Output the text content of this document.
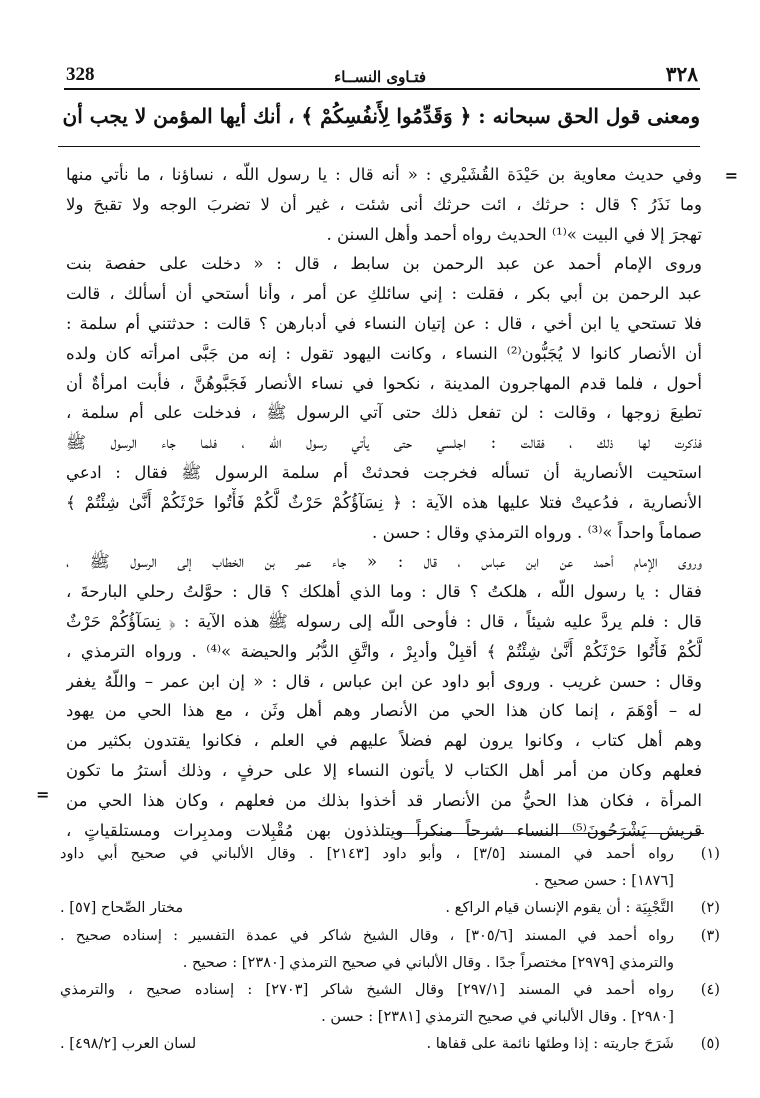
328	فتـاوى النســاء	٣٢٨
ومعنى قول الحق سبحانه : ﴿ وَقَدِّمُوا لِأَنفُسِكُمْ ﴾ ، أنك أيها المؤمن لا يجب أن
=
=
وفي حديث معاوية بن حَيْدَة القُشَيْري : « أنه قال : يا رسول اللّه ، نساؤنا ، ما نأتي منها
وما نَذَرُ ؟ قال : حرثك ، ائت حرثك أنى شئت ، غير أن لا تضربَ الوجه ولا تقبحَ ولا
تهجرَ إلا في البيت »⁽¹⁾ الحديث رواه أحمد وأهل السنن .
وروى الإمام أحمد عن عبد الرحمن بن سابط ، قال : « دخلت على حفصة بنت
عبد الرحمن بن أبي بكر ، فقلت : إني سائلكِ عن أمر ، وأنا أستحي أن أسألك ، قالت
فلا تستحي يا ابن أخي ، قال : عن إتيان النساء في أدبارهن ؟ قالت : حدثتني أم سلمة :
أن الأنصار كانوا لا يُجَبُّون⁽²⁾ النساء ، وكانت اليهود تقول : إنه من جَبَّى امرأته كان ولده
أحول ، فلما قدم المهاجرون المدينة ، نكحوا في نساء الأنصار فَجَبَّوهُنَّ ، فأبت امرأةٌ أن
تطيعَ زوجها ، وقالت : لن تفعل ذلك حتى آتي الرسول ﷺ ، فدخلت على أم سلمة ،
فذكرت لها ذلك ، فقالت : اجلسي حتى يأتي رسول اللّه ، فلما جاء الرسول ﷺ
استحيت الأنصارية أن تسأله فخرجت فحدثتْ أم سلمة الرسول ﷺ فقال : ادعي
الأنصارية ، فدُعيتْ فتلا عليها هذه الآية : ﴿ نِسَآؤُكُمْ حَرْثٌ لَّكُمْ فَأْتُوا حَرْثَكُمْ أَنَّىٰ شِئْتُمْ ﴾
صماماً واحداً »⁽³⁾ . ورواه الترمذي وقال : حسن .
وروى الإمام أحمد عن ابن عباس ، قال : « جاء عمر بن الخطاب إلى الرسول ﷺ ،
فقال : يا رسول اللّه ، هلكتُ ؟ قال : وما الذي أهلكك ؟ قال : حوَّلتُ رحلي البارحةَ ،
قال : فلم يردَّ عليه شيئاً ، قال : فأوحى اللّه إلى رسوله ﷺ هذه الآية : ﴿ نِسَآؤُكُمْ حَرْثٌ
لَّكُمْ فَأْتُوا حَرْثَكُمْ أَنَّىٰ شِئْتُمْ ﴾ أقبِلْ وأدبِرْ ، واتَّقِ الدُّبُر والحيضة »⁽⁴⁾ . ورواه الترمذي ،
وقال : حسن غريب . وروى أبو داود عن ابن عباس ، قال : « إن ابن عمر – واللّهُ يغفر
له – أوْهَمَ ، إنما كان هذا الحي من الأنصار وهم أهل وثَن ، مع هذا الحي من يهود
وهم أهل كتاب ، وكانوا يرون لهم فضلاً عليهم في العلم ، فكانوا يقتدون بكثير من
فعلهم وكان من أمر أهل الكتاب لا يأتون النساء إلا على حرفٍ ، وذلك أسترُ ما تكون
المرأة ، فكان هذا الحيُّ من الأنصار قد أخذوا بذلك من فعلهم ، وكان هذا الحي من
قريش يَشْرَحُونَ⁽⁵⁾ النساء شرحاً منكراً ويتلذذون بهن مُقْبِلات ومدبِرات ومستلقياتٍ ،
(١)
رواه أحمد في المسند [٣/٥] ، وأبو داود [٢١٤٣] . وقال الألباني في صحيح أبي داود
[١٨٧٦] : حسن صحيح .
(٢)
التَّجْبِيَة : أن يقوم الإنسان قيام الراكع .
مختار الصِّحاح [٥٧] .
(٣)
رواه أحمد في المسند [٣٠٥/٦] ، وقال الشيخ شاكر في عمدة التفسير : إسناده صحيح .
والترمذي [٢٩٧٩] مختصراً جدًا . وقال الألباني في صحيح الترمذي [٢٣٨٠] : صحيح .
(٤)
رواه أحمد في المسند [٢٩٧/١] وقال الشيخ شاكر [٢٧٠٣] : إسناده صحيح ، والترمذي
[٢٩٨٠] . وقال الألباني في صحيح الترمذي [٢٣٨١] : حسن .
(٥)
شَرَحَ جاريته : إذا وطئها نائمة على قفاها .
لسان العرب [٤٩٨/٢] .
